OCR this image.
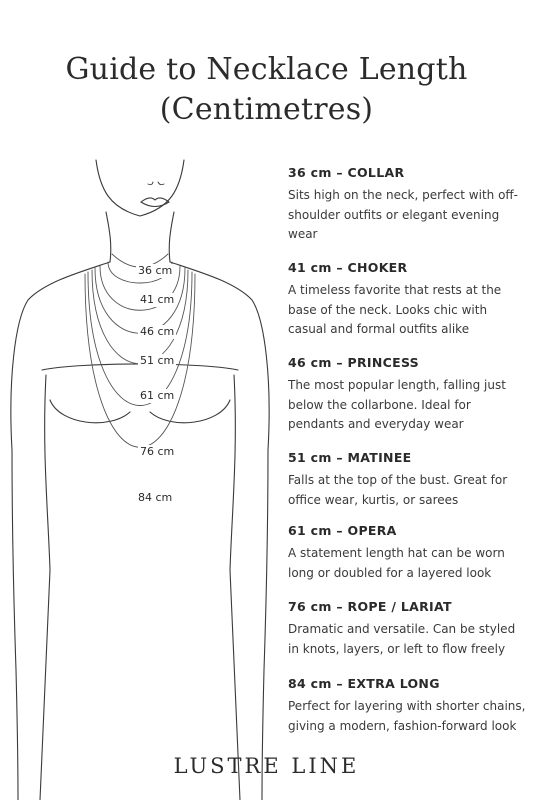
Guide to Necklace Length
(Centimetres)
36 cm
41 cm
46 cm
51 cm
61 cm
76 cm
84 cm
36 cm – COLLAR
Sits high on the neck, perfect with off-shoulder outfits or elegant evening wear
41 cm – CHOKER
A timeless favorite that rests at the base of the neck. Looks chic with casual and formal outfits alike
46 cm – PRINCESS
The most popular length, falling just below the collarbone. Ideal for pendants and everyday wear
51 cm – MATINEE
Falls at the top of the bust. Great for office wear, kurtis, or sarees
61 cm – OPERA
A statement length hat can be worn long or doubled for a layered look
76 cm – ROPE / LARIAT
Dramatic and versatile. Can be styled in knots, layers, or left to flow freely
84 cm – EXTRA LONG
Perfect for layering with shorter chains, giving a modern, fashion-forward look
LUSTRE LINE
